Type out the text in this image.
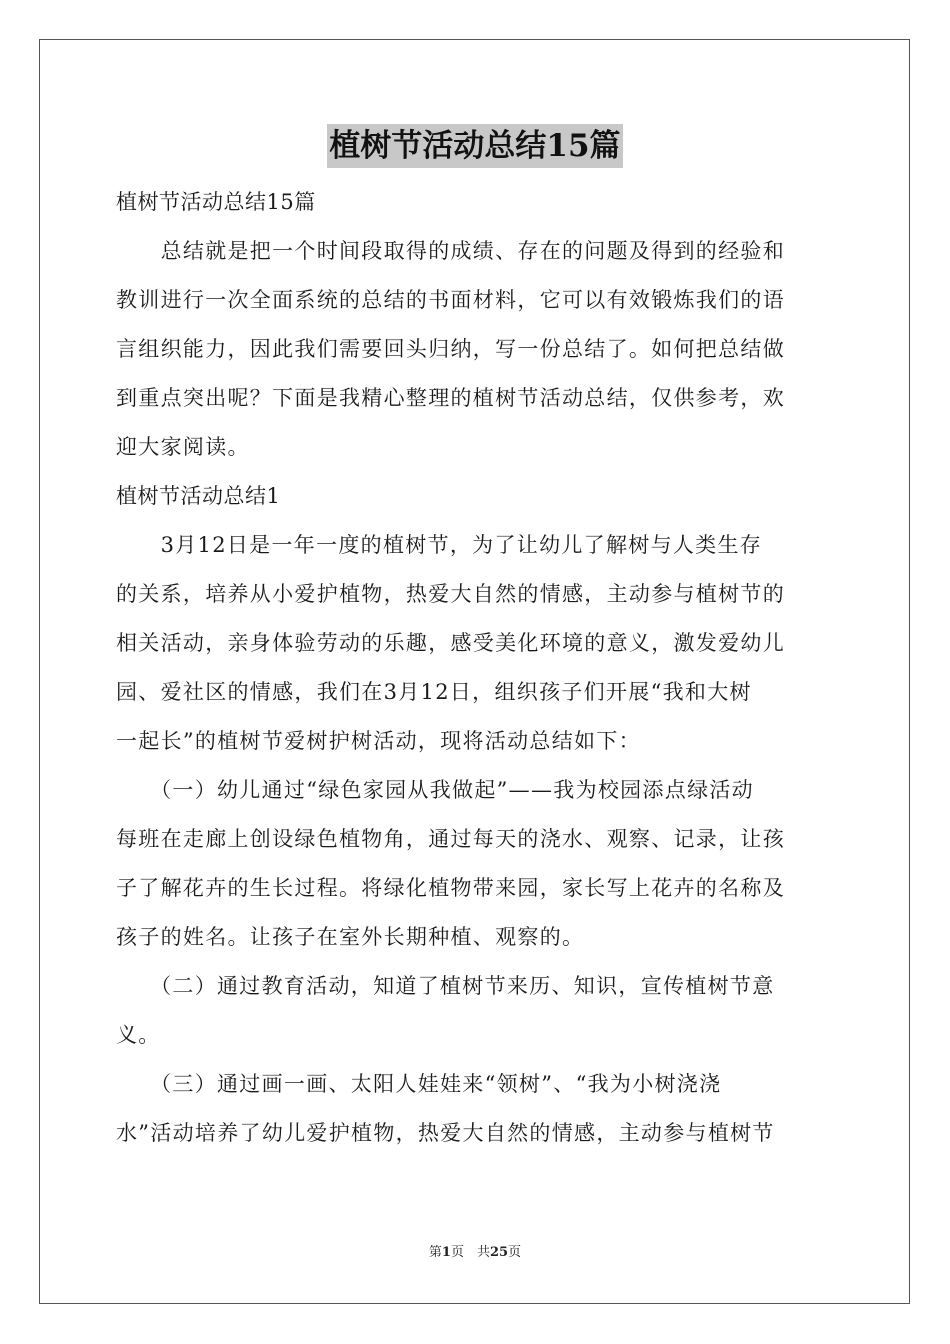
植树节活动总结15篇
植树节活动总结15篇
　　总结就是把一个时间段取得的成绩、存在的问题及得到的经验和
教训进行一次全面系统的总结的书面材料，它可以有效锻炼我们的语
言组织能力，因此我们需要回头归纳，写一份总结了。如何把总结做
到重点突出呢？下面是我精心整理的植树节活动总结，仅供参考，欢
迎大家阅读。
植树节活动总结1
　　3月12日是一年一度的植树节，为了让幼儿了解树与人类生存
的关系，培养从小爱护植物，热爱大自然的情感，主动参与植树节的
相关活动，亲身体验劳动的乐趣，感受美化环境的意义，激发爱幼儿
园、爱社区的情感，我们在3月12日，组织孩子们开展“我和大树
一起长”的植树节爱树护树活动，现将活动总结如下：
　　（一）幼儿通过“绿色家园从我做起”——我为校园添点绿活动
每班在走廊上创设绿色植物角，通过每天的浇水、观察、记录，让孩
子了解花卉的生长过程。将绿化植物带来园，家长写上花卉的名称及
孩子的姓名。让孩子在室外长期种植、观察的。
　　（二）通过教育活动，知道了植树节来历、知识，宣传植树节意
义。
　　（三）通过画一画、太阳人娃娃来“领树”、“我为小树浇浇
水”活动培养了幼儿爱护植物，热爱大自然的情感，主动参与植树节
第1页　共25页
